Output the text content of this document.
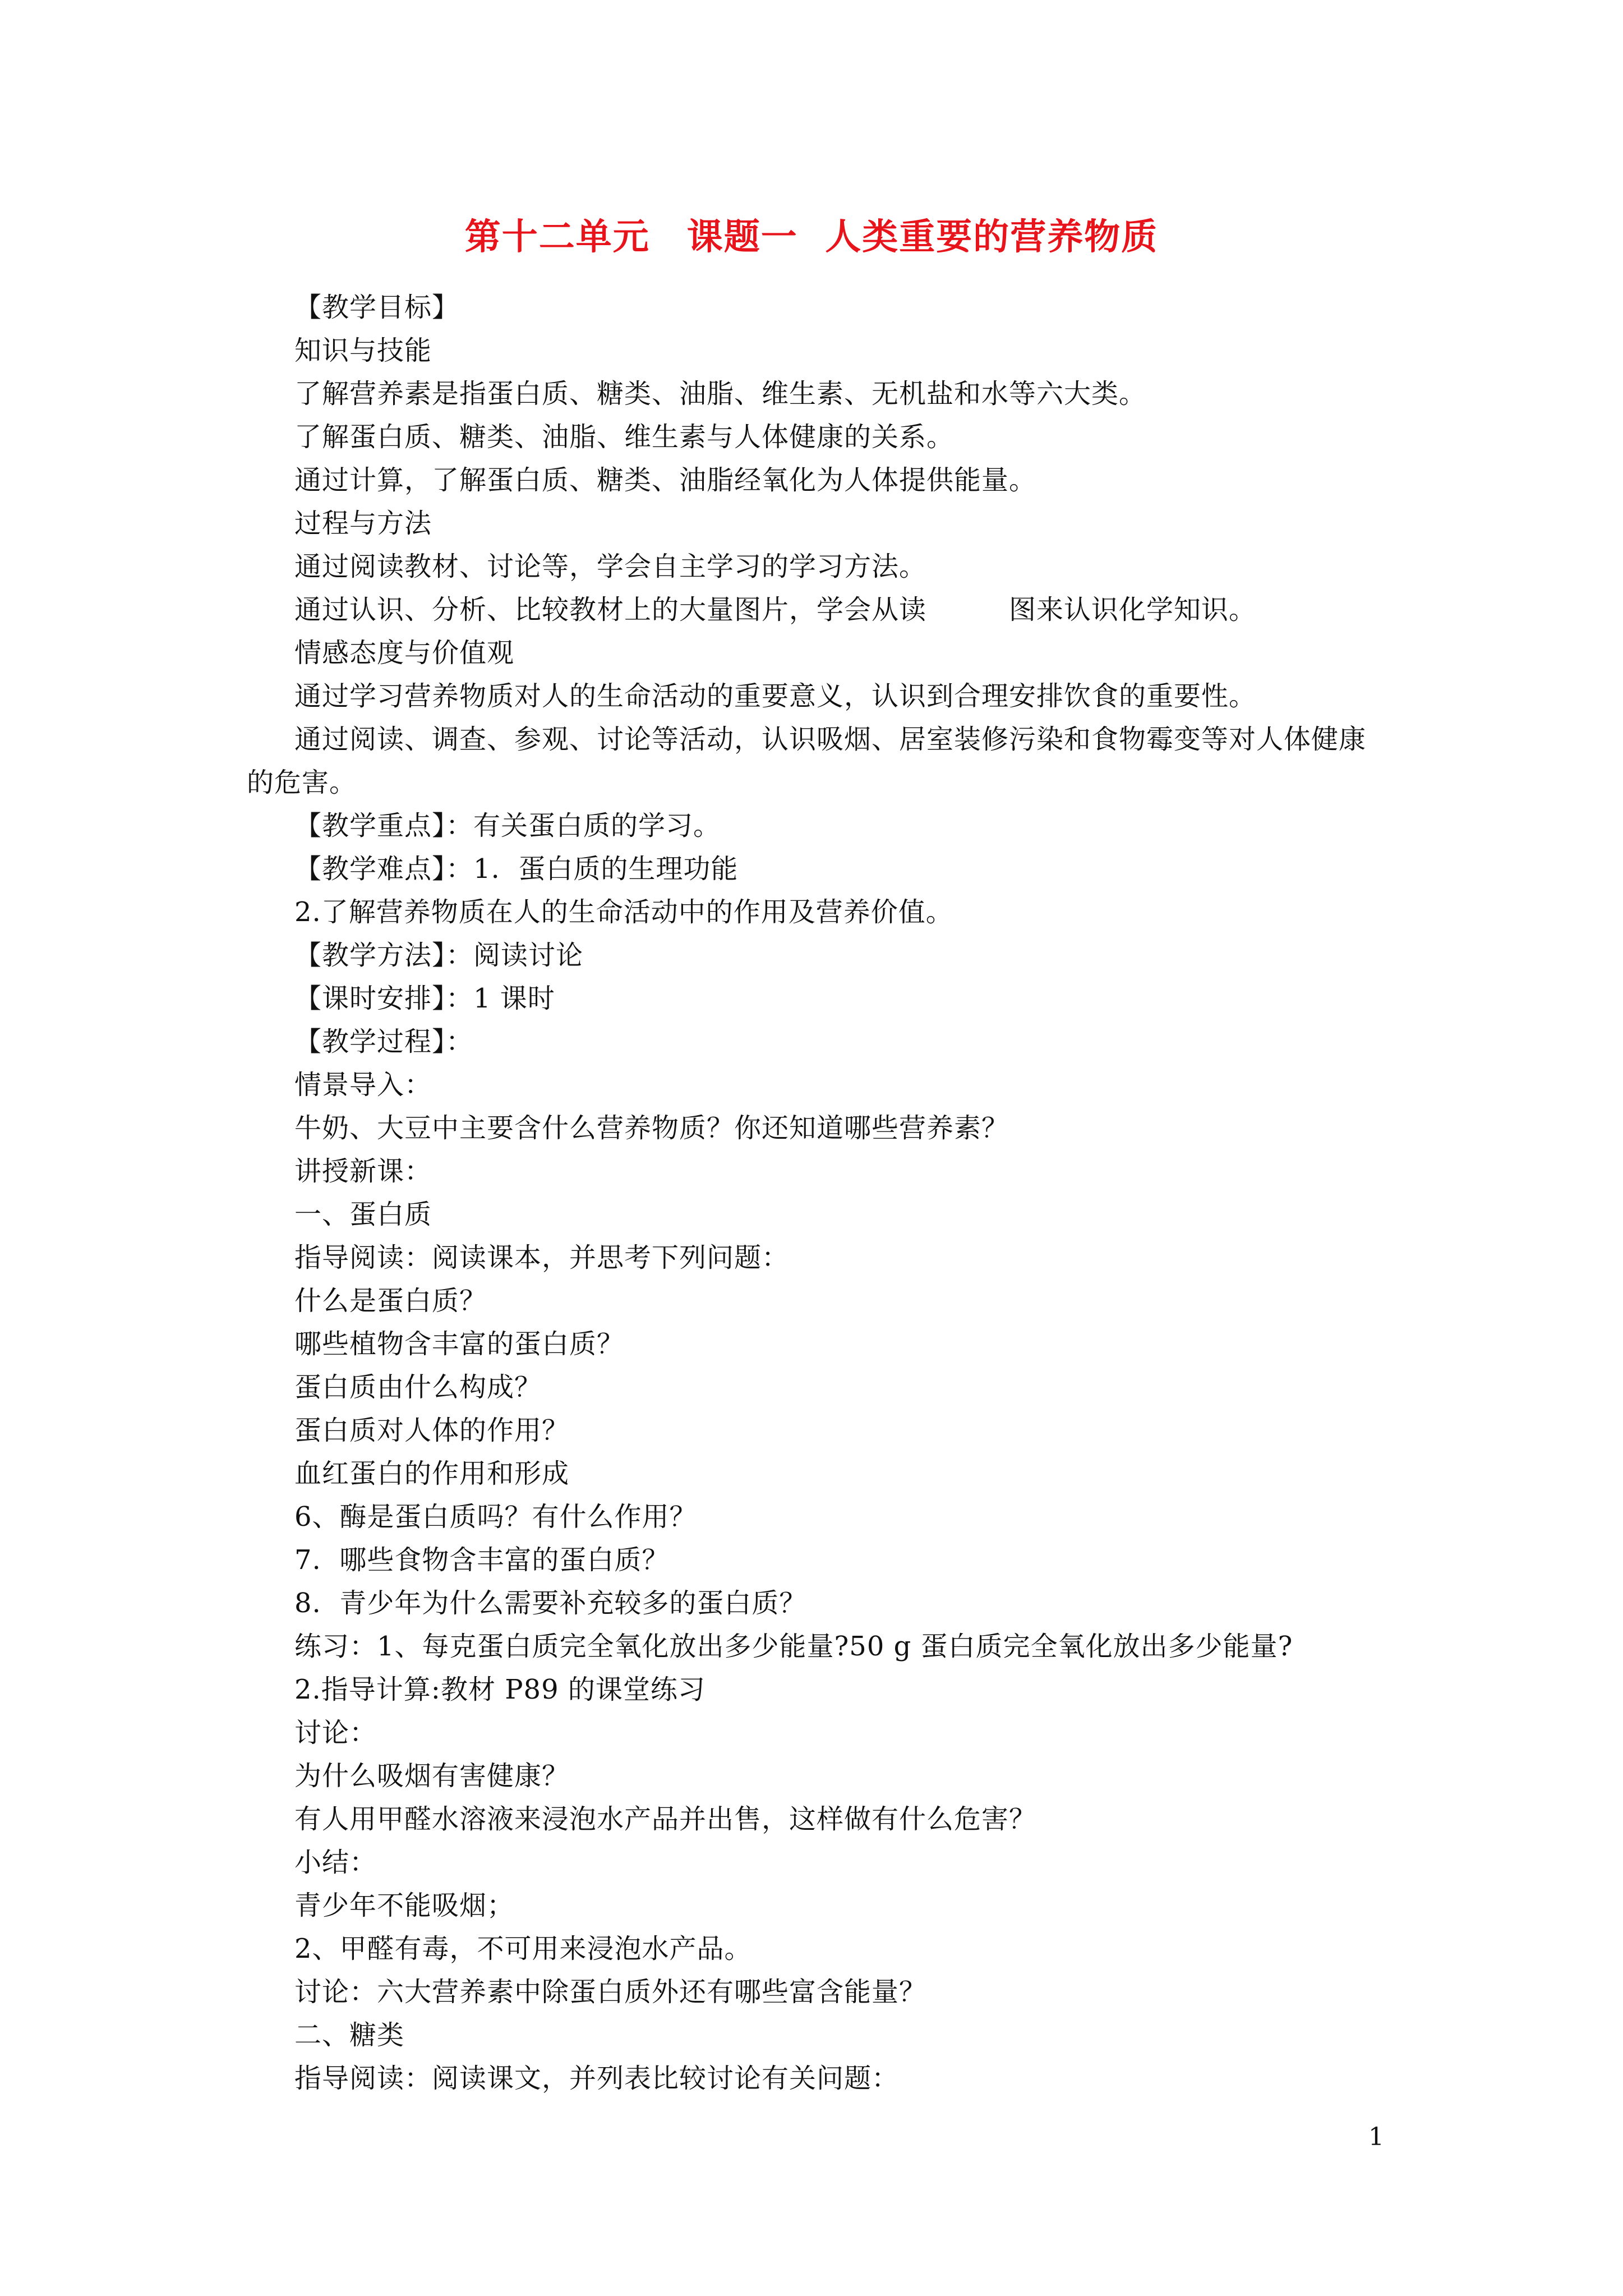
第十二单元　课题一  人类重要的营养物质
【教学目标】
知识与技能
了解营养素是指蛋白质、糖类、油脂、维生素、无机盐和水等六大类。
了解蛋白质、糖类、油脂、维生素与人体健康的关系。
通过计算，了解蛋白质、糖类、油脂经氧化为人体提供能量。
过程与方法
通过阅读教材、讨论等，学会自主学习的学习方法。
通过认识、分析、比较教材上的大量图片，学会从读　　　图来认识化学知识。
情感态度与价值观
通过学习营养物质对人的生命活动的重要意义，认识到合理安排饮食的重要性。
通过阅读、调查、参观、讨论等活动，认识吸烟、居室装修污染和食物霉变等对人体健康的危害。
【教学重点】：有关蛋白质的学习。
【教学难点】：1.  蛋白质的生理功能
2.了解营养物质在人的生命活动中的作用及营养价值。
【教学方法】：阅读讨论
【课时安排】：1 课时
【教学过程】：
情景导入：
牛奶、大豆中主要含什么营养物质？你还知道哪些营养素？
讲授新课：
一、蛋白质
指导阅读：阅读课本，并思考下列问题：
什么是蛋白质？
哪些植物含丰富的蛋白质？
蛋白质由什么构成？
蛋白质对人体的作用？
血红蛋白的作用和形成
6、酶是蛋白质吗？有什么作用？
7.  哪些食物含丰富的蛋白质？
8.  青少年为什么需要补充较多的蛋白质？
练习：1、每克蛋白质完全氧化放出多少能量?50 g 蛋白质完全氧化放出多少能量?
2.指导计算:教材 P89 的课堂练习
讨论：
为什么吸烟有害健康？
有人用甲醛水溶液来浸泡水产品并出售，这样做有什么危害？
小结：
青少年不能吸烟；
2、甲醛有毒，不可用来浸泡水产品。
讨论：六大营养素中除蛋白质外还有哪些富含能量？
二、糖类
指导阅读：阅读课文，并列表比较讨论有关问题：
1
